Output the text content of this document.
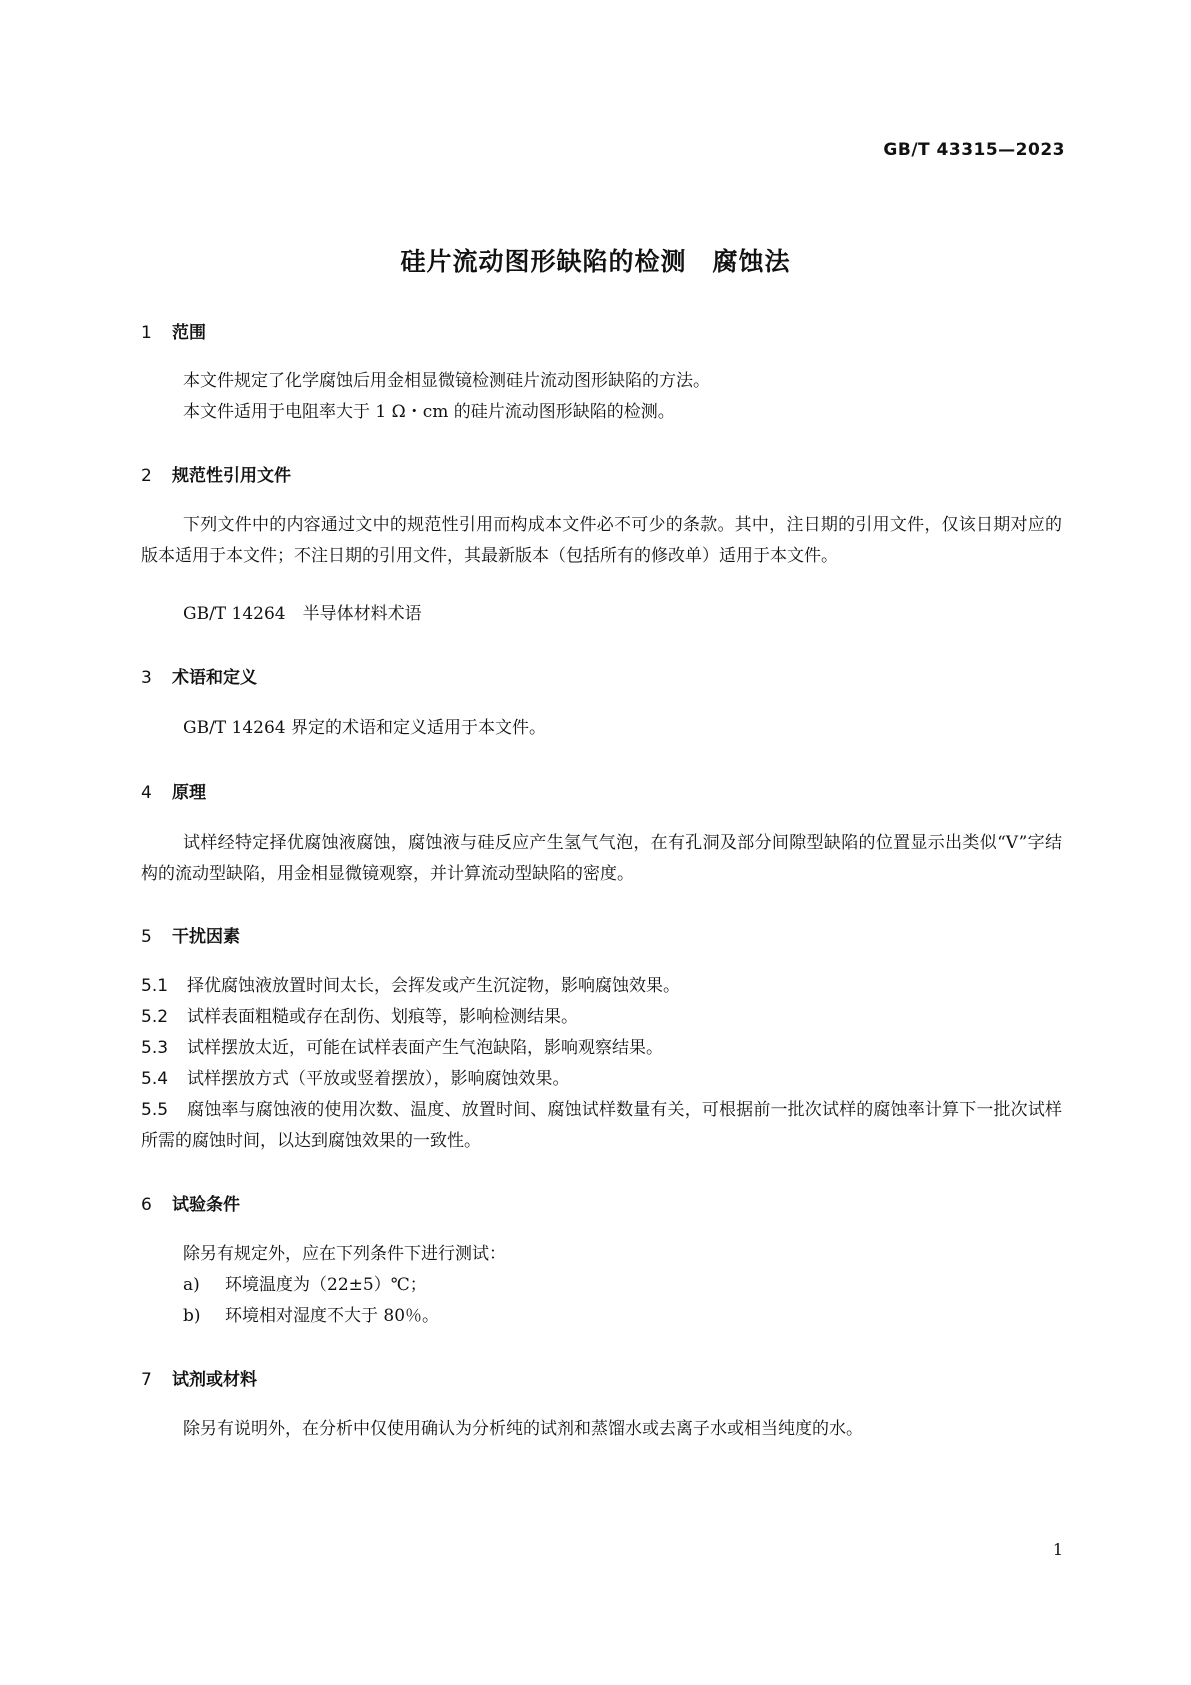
GB/T 43315—2023
硅片流动图形缺陷的检测　腐蚀法
1 范围
本文件规定了化学腐蚀后用金相显微镜检测硅片流动图形缺陷的方法。
本文件适用于电阻率大于 1 Ω・cm 的硅片流动图形缺陷的检测。
2 规范性引用文件
下列文件中的内容通过文中的规范性引用而构成本文件必不可少的条款。其中，注日期的引用文件，仅该日期对应的版本适用于本文件；不注日期的引用文件，其最新版本（包括所有的修改单）适用于本文件。
GB/T 14264　半导体材料术语
3 术语和定义
GB/T 14264 界定的术语和定义适用于本文件。
4 原理
试样经特定择优腐蚀液腐蚀，腐蚀液与硅反应产生氢气气泡，在有孔洞及部分间隙型缺陷的位置显示出类似“V”字结构的流动型缺陷，用金相显微镜观察，并计算流动型缺陷的密度。
5 干扰因素
5.1 择优腐蚀液放置时间太长，会挥发或产生沉淀物，影响腐蚀效果。
5.2 试样表面粗糙或存在刮伤、划痕等，影响检测结果。
5.3 试样摆放太近，可能在试样表面产生气泡缺陷，影响观察结果。
5.4 试样摆放方式（平放或竖着摆放），影响腐蚀效果。
5.5 腐蚀率与腐蚀液的使用次数、温度、放置时间、腐蚀试样数量有关，可根据前一批次试样的腐蚀率计算下一批次试样所需的腐蚀时间，以达到腐蚀效果的一致性。
6 试验条件
除另有规定外，应在下列条件下进行测试：
a) 环境温度为（22±5）℃；
b) 环境相对湿度不大于 80％。
7 试剂或材料
除另有说明外，在分析中仅使用确认为分析纯的试剂和蒸馏水或去离子水或相当纯度的水。
1
